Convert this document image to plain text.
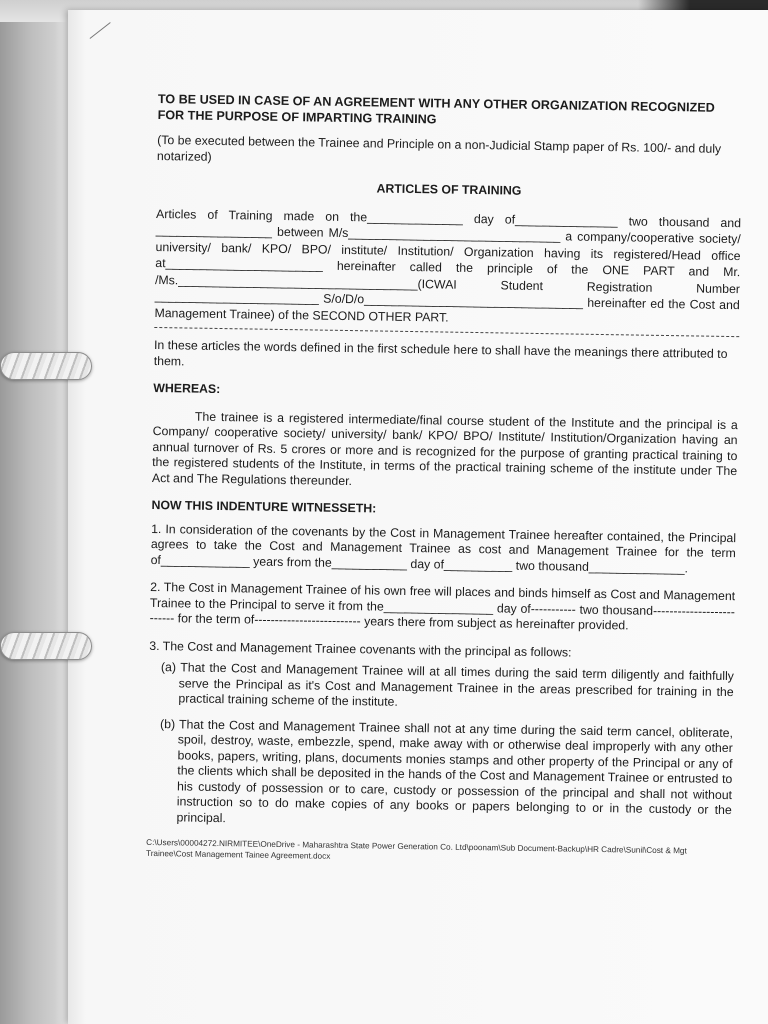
TO BE USED IN CASE OF AN AGREEMENT WITH ANY OTHER ORGANIZATION RECOGNIZED FOR THE PURPOSE OF IMPARTING TRAINING

(To be executed between the Trainee and Principle on a non-Judicial Stamp paper of Rs. 100/- and duly notarized)

ARTICLES OF TRAINING

Articles of Training made on the______________ day of_______________ two thousand and _________________ between M/s_______________________________ a company/cooperative society/ university/ bank/ KPO/ BPO/ institute/ Institution/ Organization having its registered/Head office at_______________________ hereinafter called the principle of the ONE PART and Mr. /Ms.___________________________________(ICWAI Student Registration Number ________________________ S/o/D/o________________________________ hereinafter ed the Cost and Management Trainee) of the SECOND OTHER PART.

In these articles the words defined in the first schedule here to shall have the meanings there attributed to them.

WHEREAS:

The trainee is a registered intermediate/final course student of the Institute and the principal is a Company/ cooperative society/ university/ bank/ KPO/ BPO/ Institute/ Institution/Organization having an annual turnover of Rs. 5 crores or more and is recognized for the purpose of granting practical training to the registered students of the Institute, in terms of the practical training scheme of the institute under The Act and The Regulations thereunder.

NOW THIS INDENTURE WITNESSETH:

1. In consideration of the covenants by the Cost in Management Trainee hereafter contained, the Principal agrees to take the Cost and Management Trainee as cost and Management Trainee for the term of_____________ years from the___________ day of__________ two thousand______________.

2. The Cost in Management Trainee of his own free will places and binds himself as Cost and Management Trainee to the Principal to serve it from the________________ day of----------- two thousand-------------------------- for the term of-------------------------- years there from subject as hereinafter provided.

3. The Cost and Management Trainee covenants with the principal as follows:

(a) That the Cost and Management Trainee will at all times during the said term diligently and faithfully serve the Principal as it's Cost and Management Trainee in the areas prescribed for training in the practical training scheme of the institute.

(b) That the Cost and Management Trainee shall not at any time during the said term cancel, obliterate, spoil, destroy, waste, embezzle, spend, make away with or otherwise deal improperly with any other books, papers, writing, plans, documents monies stamps and other property of the Principal or any of the clients which shall be deposited in the hands of the Cost and Management Trainee or entrusted to his custody of possession or to care, custody or possession of the principal and shall not without instruction so to do make copies of any books or papers belonging to or in the custody or the principal.

C:\Users\00004272.NIRMITEE\OneDrive - Maharashtra State Power Generation Co. Ltd\poonam\Sub Document-Backup\HR Cadre\Sunil\Cost & Mgt Trainee\Cost Management Tainee Agreement.docx
